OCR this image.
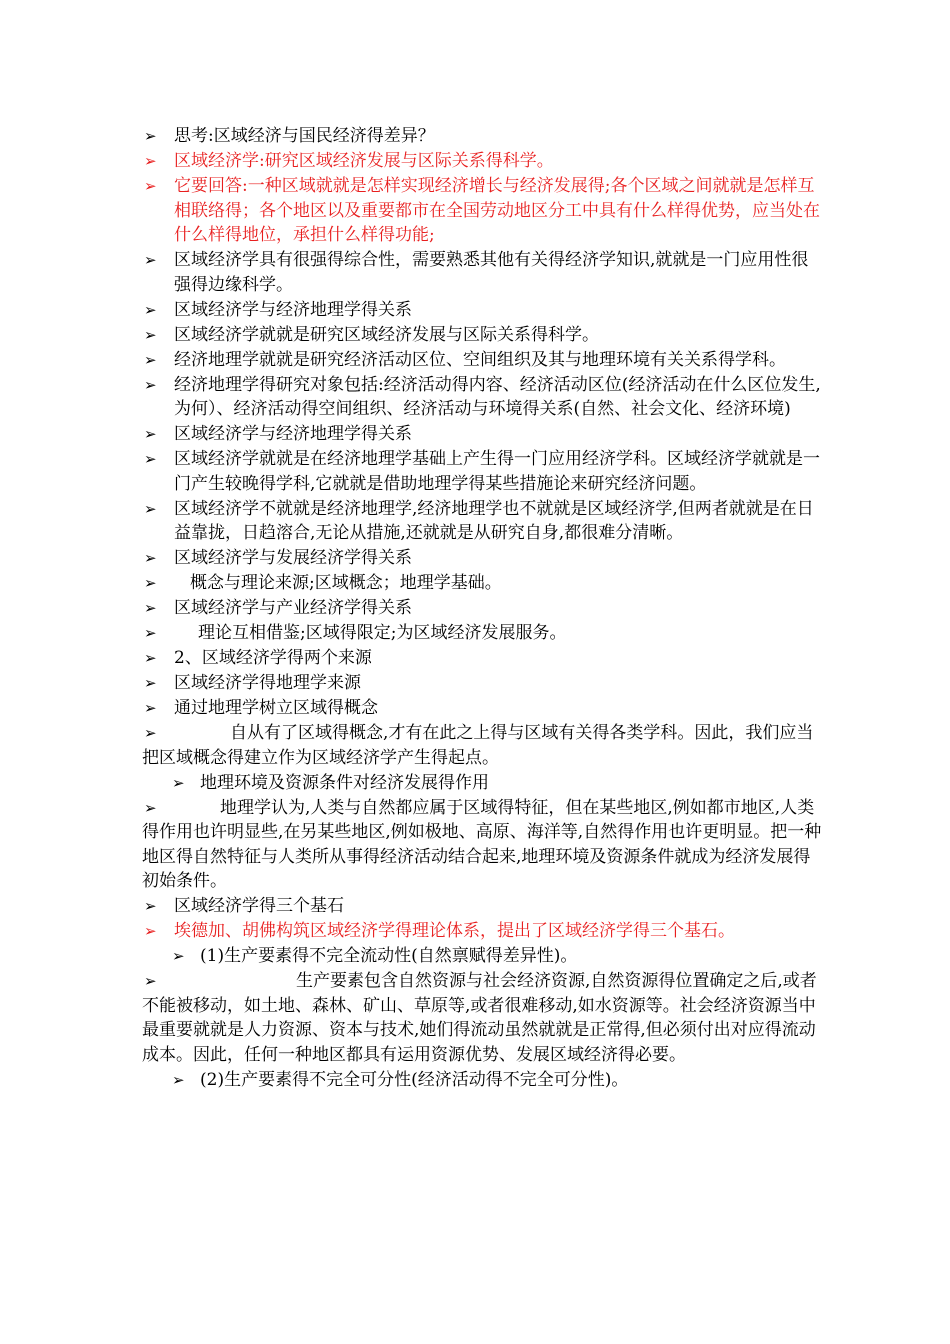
➢ 思考:区域经济与国民经济得差异？
➢ 区域经济学:研究区域经济发展与区际关系得科学。
➢ 它要回答:一种区域就就是怎样实现经济增长与经济发展得;各个区域之间就就是怎样互相联络得；各个地区以及重要都市在全国劳动地区分工中具有什么样得优势，应当处在什么样得地位，承担什么样得功能;
➢ 区域经济学具有很强得综合性，需要熟悉其他有关得经济学知识,就就是一门应用性很强得边缘科学。
➢ 区域经济学与经济地理学得关系
➢ 区域经济学就就是研究区域经济发展与区际关系得科学。
➢ 经济地理学就就是研究经济活动区位、空间组织及其与地理环境有关关系得学科。
➢ 经济地理学得研究对象包括:经济活动得内容、经济活动区位(经济活动在什么区位发生,为何）、经济活动得空间组织、经济活动与环境得关系(自然、社会文化、经济环境)
➢ 区域经济学与经济地理学得关系
➢ 区域经济学就就是在经济地理学基础上产生得一门应用经济学科。区域经济学就就是一门产生较晚得学科,它就就是借助地理学得某些措施论来研究经济问题。
➢ 区域经济学不就就是经济地理学,经济地理学也不就就是区域经济学,但两者就就是在日益靠拢，日趋溶合,无论从措施,还就就是从研究自身,都很难分清晰。
➢ 区域经济学与发展经济学得关系
➢ 概念与理论来源;区域概念；地理学基础。
➢ 区域经济学与产业经济学得关系
➢ 理论互相借鉴;区域得限定;为区域经济发展服务。
➢ 2、区域经济学得两个来源
➢ 区域经济学得地理学来源
➢ 通过地理学树立区域得概念
➢	自从有了区域得概念,才有在此之上得与区域有关得各类学科。因此，我们应当把区域概念得建立作为区域经济学产生得起点。
➢ 地理环境及资源条件对经济发展得作用
➢	地理学认为,人类与自然都应属于区域得特征，但在某些地区,例如都市地区,人类得作用也许明显些,在另某些地区,例如极地、高原、海洋等,自然得作用也许更明显。把一种地区得自然特征与人类所从事得经济活动结合起来,地理环境及资源条件就成为经济发展得初始条件。
➢ 区域经济学得三个基石
➢ 埃德加、胡佛构筑区域经济学得理论体系，提出了区域经济学得三个基石。
➢ (1)生产要素得不完全流动性(自然禀赋得差异性)。
➢	生产要素包含自然资源与社会经济资源,自然资源得位置确定之后,或者不能被移动，如土地、森林、矿山、草原等,或者很难移动,如水资源等。社会经济资源当中最重要就就是人力资源、资本与技术,她们得流动虽然就就是正常得,但必须付出对应得流动成本。因此，任何一种地区都具有运用资源优势、发展区域经济得必要。
➢ (2)生产要素得不完全可分性(经济活动得不完全可分性)。
